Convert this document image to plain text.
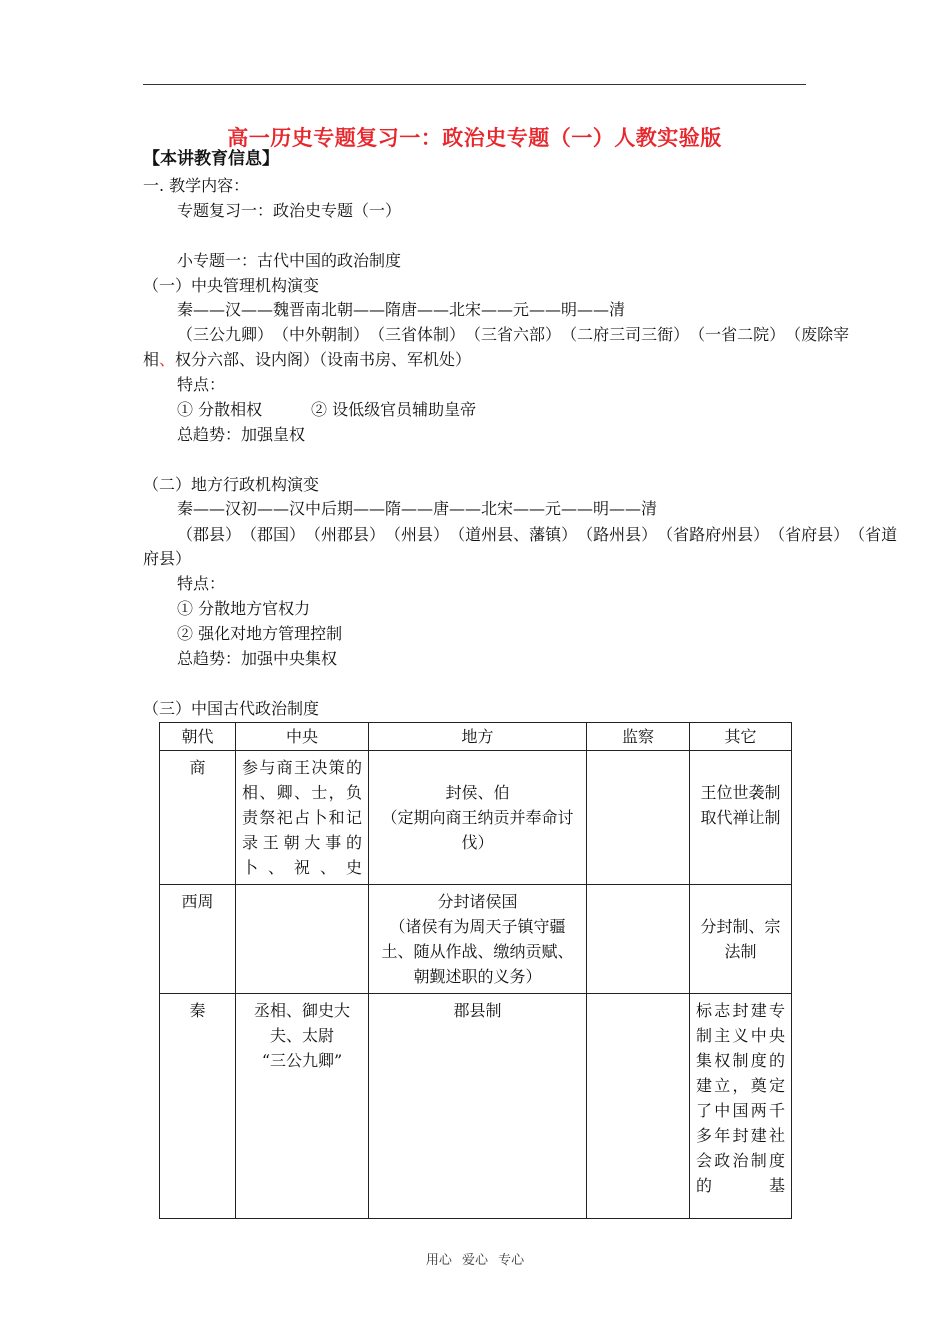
高一历史专题复习一：政治史专题（一）人教实验版
【本讲教育信息】
一. 教学内容：
专题复习一：政治史专题（一）
小专题一：古代中国的政治制度
（一）中央管理机构演变
秦——汉——魏晋南北朝——隋唐——北宋——元——明——清
（三公九卿） （中外朝制） （三省体制） （三省六部） （二府三司三衙） （一省二院） （废除宰
相、权分六部、设内阁）（设南书房、军机处）
特点：
① 分散相权	② 设低级官员辅助皇帝
总趋势：加强皇权
（二）地方行政机构演变
秦——汉初——汉中后期——隋——唐——北宋——元——明——清
（郡县） （郡国） （州郡县） （州县） （道州县、藩镇） （路州县） （省路府州县） （省府县） （省道
府县）
特点：
① 分散地方官权力
② 强化对地方管理控制
总趋势：加强中央集权
（三）中国古代政治制度
朝代	中央	地方	监察	其它
商	参与商王决策的相、卿、士，负责祭祀占卜和记录王朝大事的卜、祝、史	封侯、伯
（定期向商王纳贡并奉命讨伐）		王位世袭制取代禅让制
西周		分封诸侯国
（诸侯有为周天子镇守疆土、随从作战、缴纳贡赋、朝觐述职的义务）		分封制、宗法制
秦	丞相、御史大夫、太尉
“三公九卿”	郡县制		标志封建专制主义中央集权制度的建立，奠定了中国两千多年封建社会政治制度的基
用心 爱心 专心
